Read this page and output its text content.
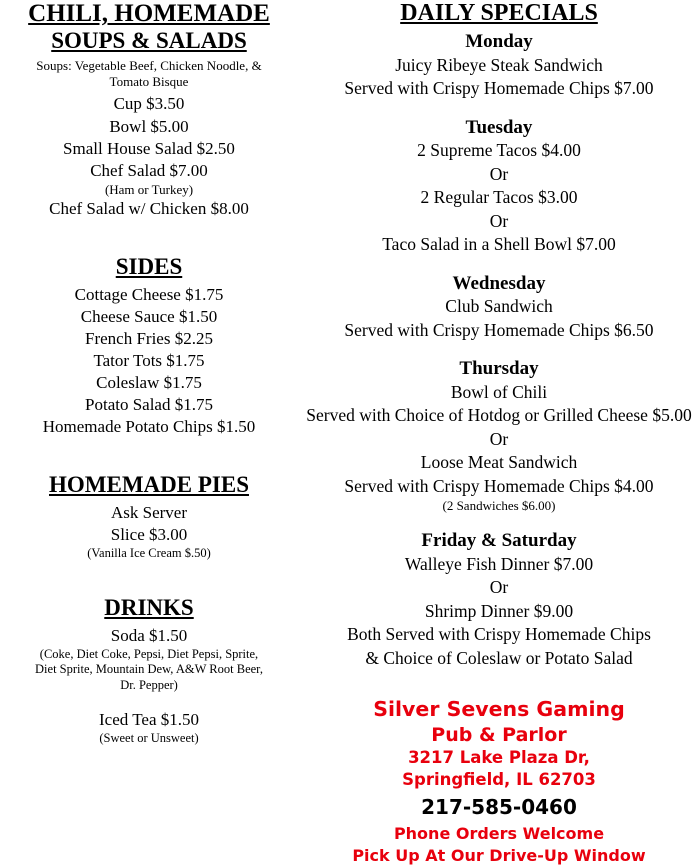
CHILI, HOMEMADE
SOUPS & SALADS
Soups: Vegetable Beef, Chicken Noodle, &
Tomato Bisque
Cup $3.50
Bowl $5.00
Small House Salad $2.50
Chef Salad $7.00
(Ham or Turkey)
Chef Salad w/ Chicken $8.00
SIDES
Cottage Cheese $1.75
Cheese Sauce $1.50
French Fries $2.25
Tator Tots $1.75
Coleslaw $1.75
Potato Salad $1.75
Homemade Potato Chips $1.50
HOMEMADE PIES
Ask Server
Slice $3.00
(Vanilla Ice Cream $.50)
DRINKS
Soda $1.50
(Coke, Diet Coke, Pepsi, Diet Pepsi, Sprite,
Diet Sprite, Mountain Dew, A&W Root Beer,
Dr. Pepper)
Iced Tea $1.50
(Sweet or Unsweet)
DAILY SPECIALS
Monday
Juicy Ribeye Steak Sandwich
Served with Crispy Homemade Chips $7.00
Tuesday
2 Supreme Tacos $4.00
Or
2 Regular Tacos $3.00
Or
Taco Salad in a Shell Bowl $7.00
Wednesday
Club Sandwich
Served with Crispy Homemade Chips $6.50
Thursday
Bowl of Chili
Served with Choice of Hotdog or Grilled Cheese $5.00
Or
Loose Meat Sandwich
Served with Crispy Homemade Chips $4.00
(2 Sandwiches $6.00)
Friday & Saturday
Walleye Fish Dinner $7.00
Or
Shrimp Dinner $9.00
Both Served with Crispy Homemade Chips
& Choice of Coleslaw or Potato Salad
Silver Sevens Gaming
Pub & Parlor
3217 Lake Plaza Dr,
Springfield, IL 62703
217-585-0460
Phone Orders Welcome
Pick Up At Our Drive-Up Window
